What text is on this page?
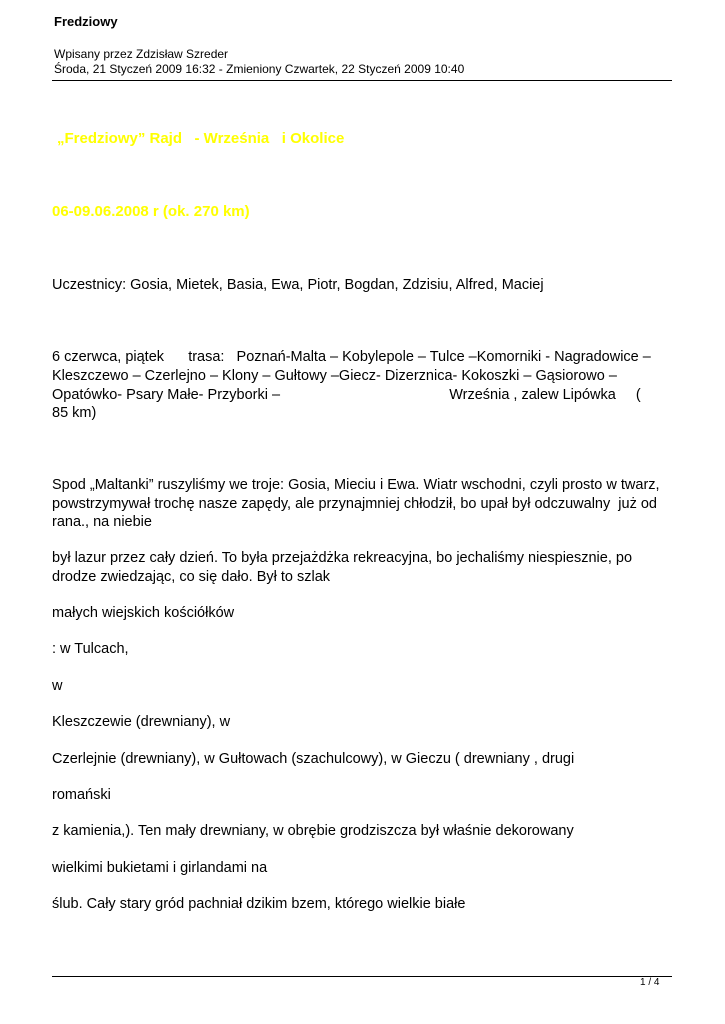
Fredziowy
Wpisany przez Zdzisław Szreder
Środa, 21 Styczeń 2009 16:32 - Zmieniony Czwartek, 22 Styczeń 2009 10:40
„Fredziowy” Rajd   - Września   i Okolice
06-09.06.2008 r (ok. 270 km)
Uczestnicy: Gosia, Mietek, Basia, Ewa, Piotr, Bogdan, Zdzisiu, Alfred, Maciej
6 czerwca, piątek      trasa:   Poznań-Malta – Kobylepole – Tulce –Komorniki - Nagradowice –
Kleszczewo – Czerlejno – Klony – Gułtowy –Giecz- Dizerznica- Kokoszki – Gąsiorowo –
Opatówko- Psary Małe- Przyborki –                                          Września , zalew Lipówka     (
85 km)
Spod „Maltanki” ruszyliśmy we troje: Gosia, Mieciu i Ewa. Wiatr wschodni, czyli prosto w twarz,
powstrzymywał trochę nasze zapędy, ale przynajmniej chłodził, bo upał był odczuwalny  już od
rana., na niebie
był lazur przez cały dzień. To była przejażdżka rekreacyjna, bo jechaliśmy niespiesznie, po
drodze zwiedzając, co się dało. Był to szlak
małych wiejskich kościółków
: w Tulcach,
w
Kleszczewie (drewniany), w
Czerlejnie (drewniany), w Gułtowach (szachulcowy), w Gieczu ( drewniany , drugi
romański
z kamienia,). Ten mały drewniany, w obrębie grodziszcza był właśnie dekorowany
wielkimi bukietami i girlandami na
ślub. Cały stary gród pachniał dzikim bzem, którego wielkie białe
1 / 4
